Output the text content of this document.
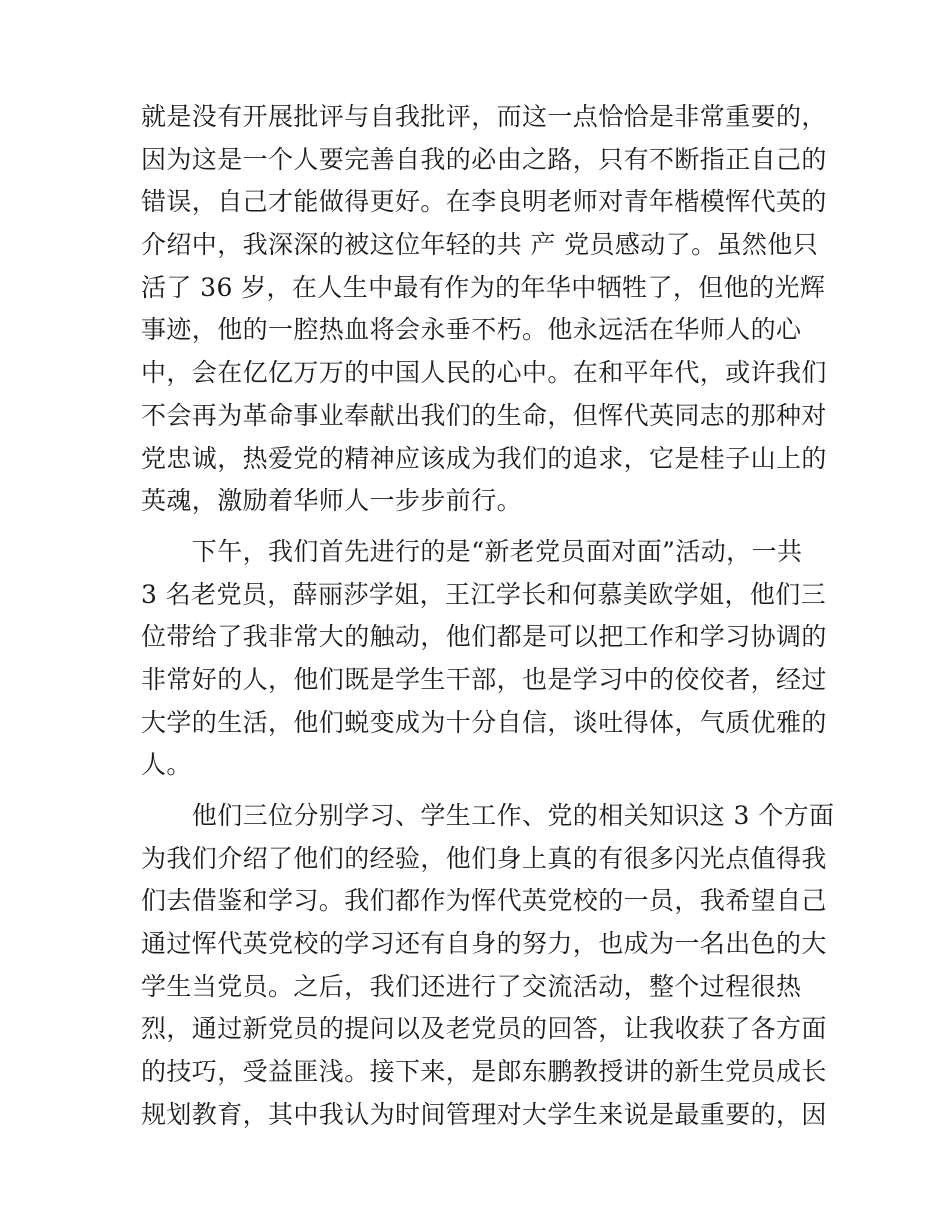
就是没有开展批评与自我批评，而这一点恰恰是非常重要的，
因为这是一个人要完善自我的必由之路，只有不断指正自己的
错误，自己才能做得更好。在李良明老师对青年楷模恽代英的
介绍中，我深深的被这位年轻的共 产 党员感动了。虽然他只
活了 36 岁，在人生中最有作为的年华中牺牲了，但他的光辉
事迹，他的一腔热血将会永垂不朽。他永远活在华师人的心
中，会在亿亿万万的中国人民的心中。在和平年代，或许我们
不会再为革命事业奉献出我们的生命，但恽代英同志的那种对
党忠诚，热爱党的精神应该成为我们的追求，它是桂子山上的
英魂，激励着华师人一步步前行。
　　下午，我们首先进行的是“新老党员面对面”活动，一共
3 名老党员，薛丽莎学姐，王江学长和何慕美欧学姐，他们三
位带给了我非常大的触动，他们都是可以把工作和学习协调的
非常好的人，他们既是学生干部，也是学习中的佼佼者，经过
大学的生活，他们蜕变成为十分自信，谈吐得体，气质优雅的
人。
　　他们三位分别学习、学生工作、党的相关知识这 3 个方面
为我们介绍了他们的经验，他们身上真的有很多闪光点值得我
们去借鉴和学习。我们都作为恽代英党校的一员，我希望自己
通过恽代英党校的学习还有自身的努力，也成为一名出色的大
学生当党员。之后，我们还进行了交流活动，整个过程很热
烈，通过新党员的提问以及老党员的回答，让我收获了各方面
的技巧，受益匪浅。接下来，是郎东鹏教授讲的新生党员成长
规划教育，其中我认为时间管理对大学生来说是最重要的，因
